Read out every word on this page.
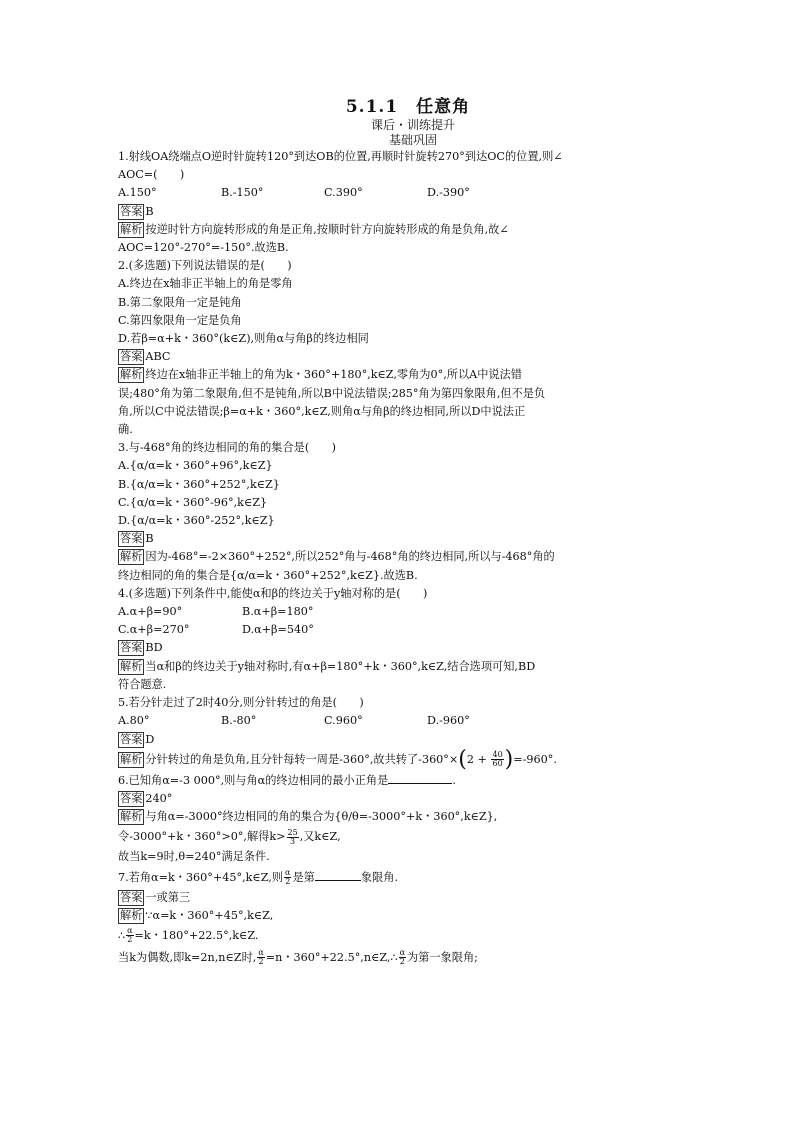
5.1.1　任意角
课后・训练提升
基础巩固
1.射线OA绕端点O逆时针旋转120°到达OB的位置,再顺时针旋转270°到达OC的位置,则∠
AOC=(　　)
A.150°	B.-150°	C.390°	D.-390°
答案 B
解析 按逆时针方向旋转形成的角是正角,按顺时针方向旋转形成的角是负角,故∠
AOC=120°-270°=-150°.故选B.
2.(多选题)下列说法错误的是(　　)
A.终边在x轴非正半轴上的角是零角
B.第二象限角一定是钝角
C.第四象限角一定是负角
D.若β=α+k・360°(k∈Z),则角α与角β的终边相同
答案 ABC
解析 终边在x轴非正半轴上的角为k・360°+180°,k∈Z,零角为0°,所以A中说法错
误;480°角为第二象限角,但不是钝角,所以B中说法错误;285°角为第四象限角,但不是负
角,所以C中说法错误;β=α+k・360°,k∈Z,则角α与角β的终边相同,所以D中说法正
确.
3.与-468°角的终边相同的角的集合是(　　)
A.{α/α=k・360°+96°,k∈Z}
B.{α/α=k・360°+252°,k∈Z}
C.{α/α=k・360°-96°,k∈Z}
D.{α/α=k・360°-252°,k∈Z}
答案 B
解析 因为-468°=-2×360°+252°,所以252°角与-468°角的终边相同,所以与-468°角的
终边相同的角的集合是{α/α=k・360°+252°,k∈Z}.故选B.
4.(多选题)下列条件中,能使α和β的终边关于y轴对称的是(　　)
A.α+β=90°	B.α+β=180°
C.α+β=270°	D.α+β=540°
答案 BD
解析 当α和β的终边关于y轴对称时,有α+β=180°+k・360°,k∈Z,结合选项可知,BD
符合题意.
5.若分针走过了2时40分,则分针转过的角是(　　)
A.80°	B.-80°	C.960°	D.-960°
答案 D
解析 分针转过的角是负角,且分针每转一周是-360°,故共转了$-360^\circ\times(2 + \frac{40}{60} )=-960^\circ$.
6.已知角α=-3 000°,则与角α的终边相同的最小正角是	.
答案 240°
解析 与角α=-3000°终边相同的角的集合为{θ/θ=-3000°+k・360°,k∈Z},
令-3000°+k・360°>0°,解得$k> \frac{25}{3}$ ,又k∈Z,
故当k=9时,θ=240°满足条件.
7.若角α=k・360°+45°,k∈Z,则 $\frac{\alpha}{2}$ 是第	象限角.
答案 一或第三
解析 ∵α=k・360°+45°,k∈Z,
∴ $\frac{\alpha}{2} =k$・180°+22.5°,k∈Z.
当k为偶数,即k=2n,n∈Z时, $\frac{\alpha}{2} =n$・360°+22.5°,n∈Z,∴ $\frac{\alpha}{2}$ 为第一象限角;
